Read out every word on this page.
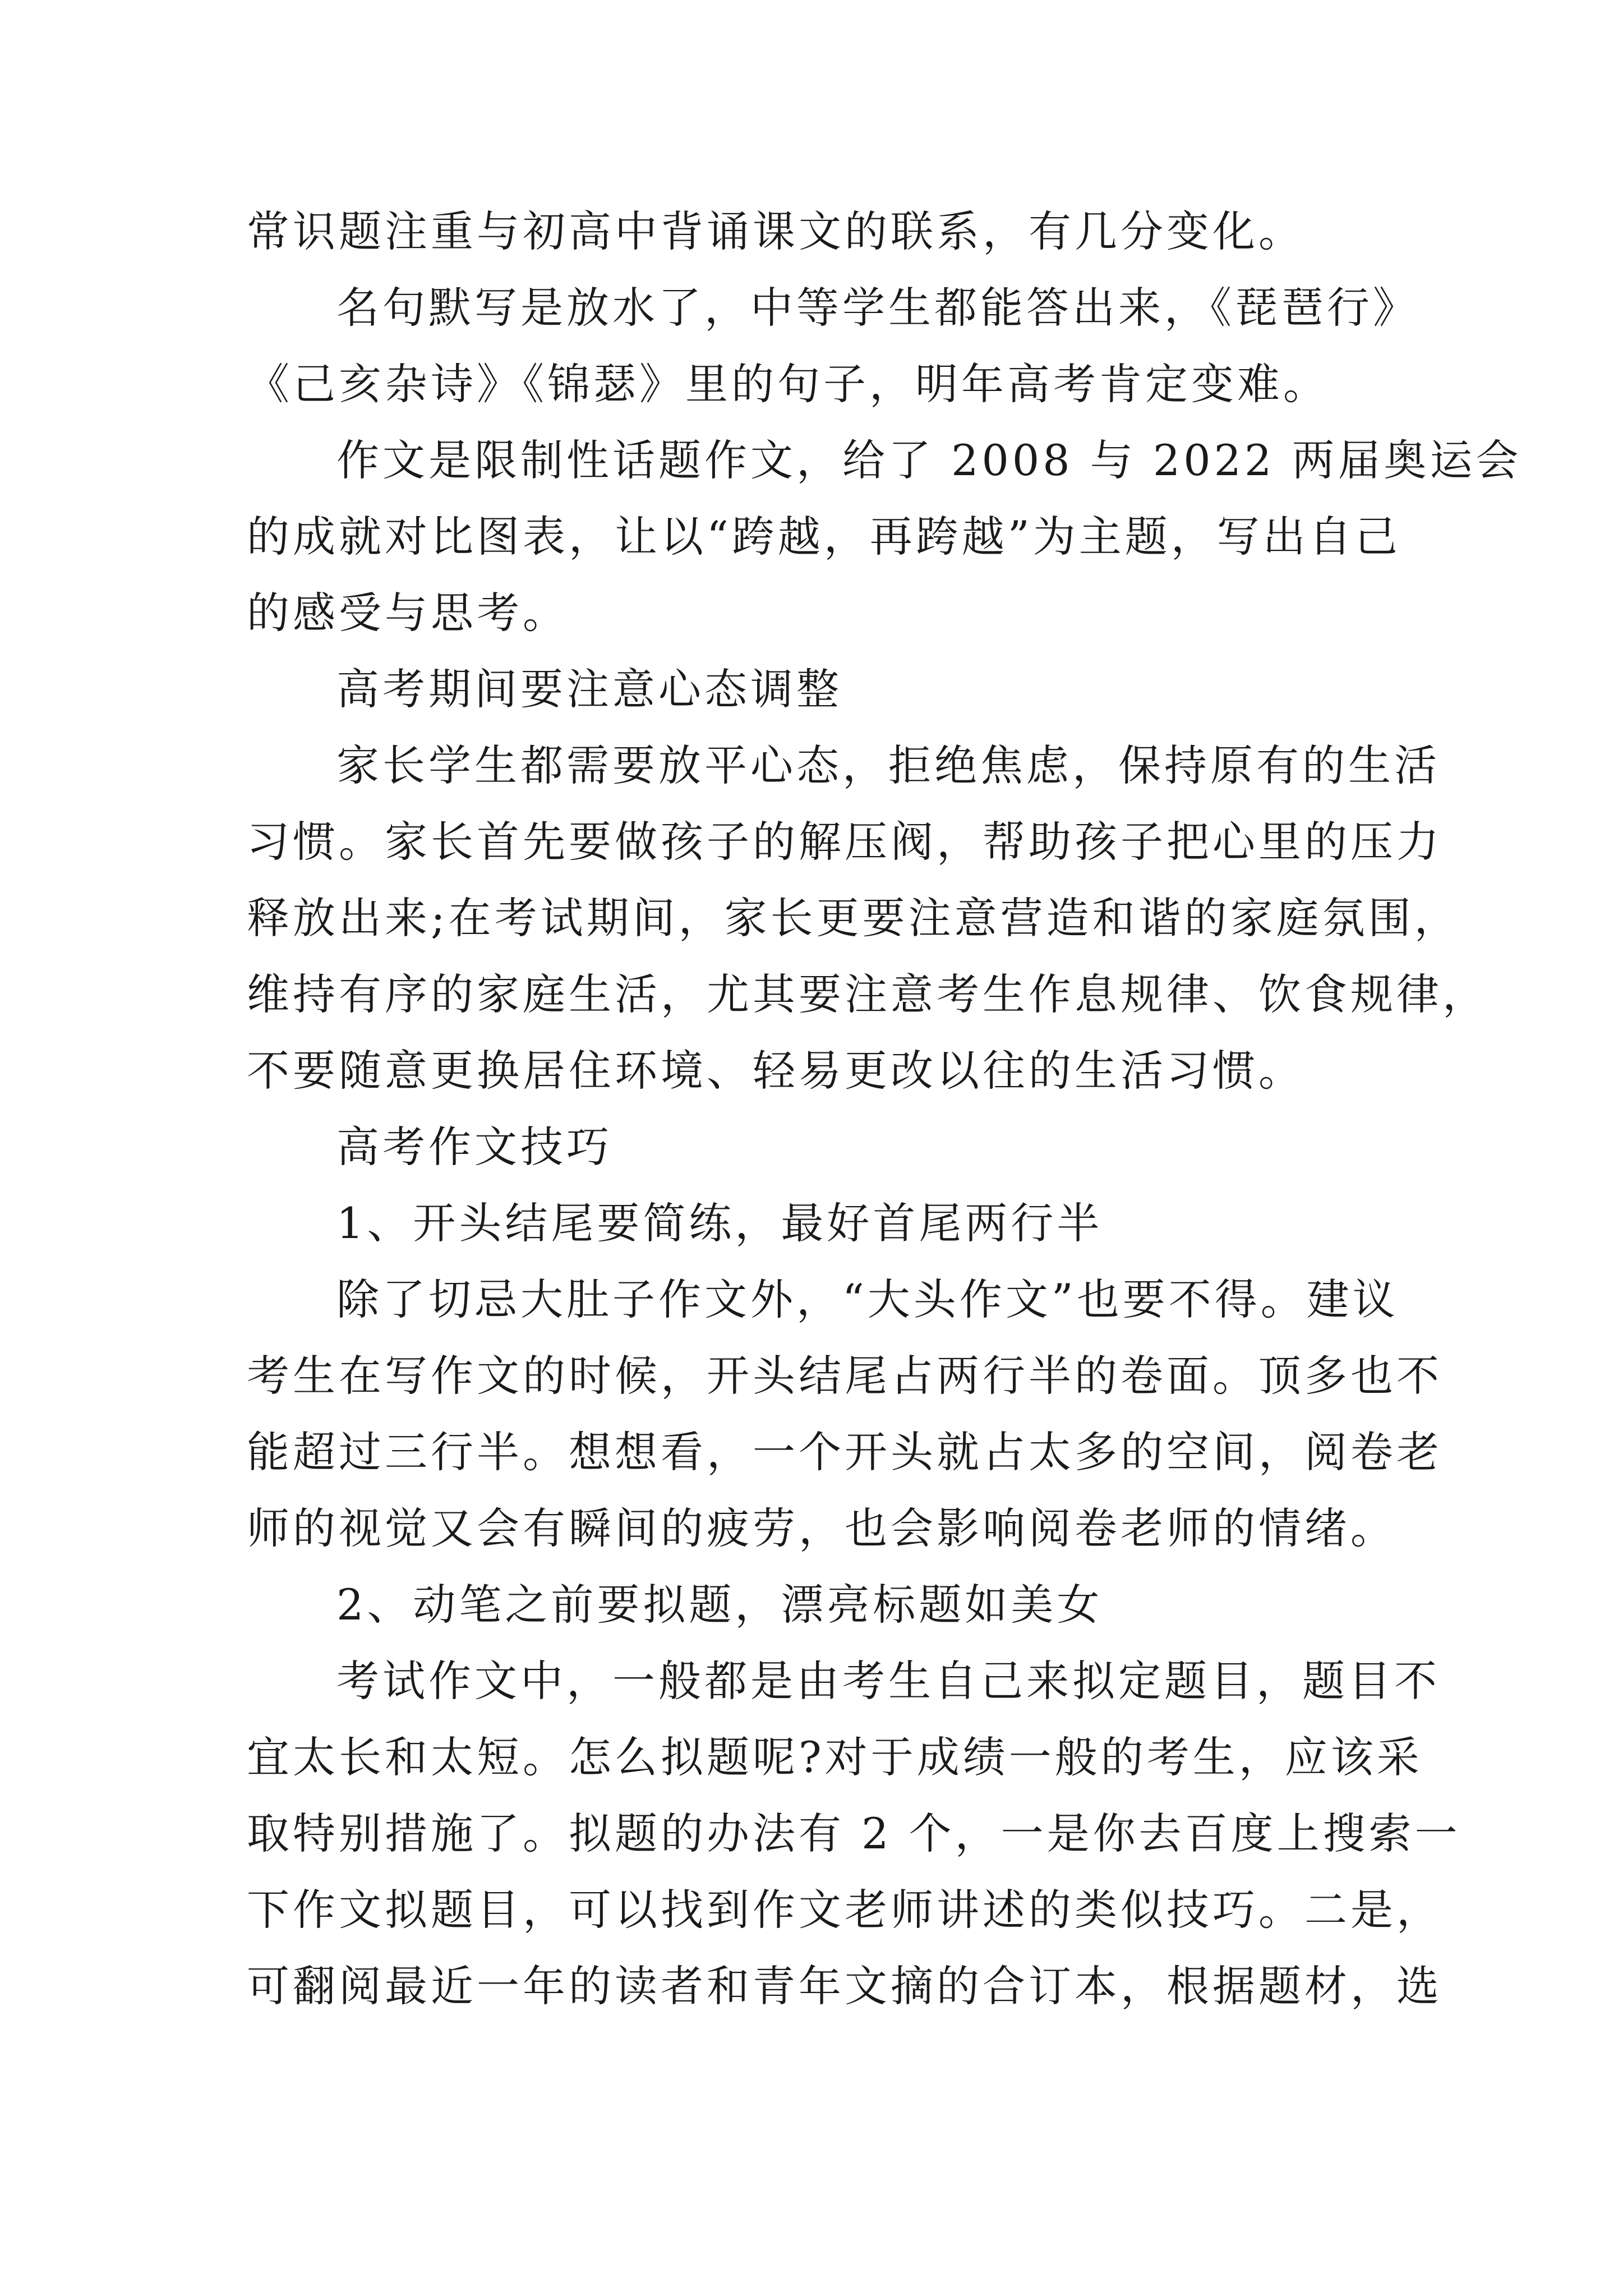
常识题注重与初高中背诵课文的联系，有几分变化。
名句默写是放水了，中等学生都能答出来，《琵琶行》
《己亥杂诗》《锦瑟》里的句子，明年高考肯定变难。
作文是限制性话题作文，给了 2008 与 2022 两届奥运会
的成就对比图表，让以“跨越，再跨越”为主题，写出自己
的感受与思考。
高考期间要注意心态调整
家长学生都需要放平心态，拒绝焦虑，保持原有的生活
习惯。家长首先要做孩子的解压阀，帮助孩子把心里的压力
释放出来;在考试期间，家长更要注意营造和谐的家庭氛围，
维持有序的家庭生活，尤其要注意考生作息规律、饮食规律，
不要随意更换居住环境、轻易更改以往的生活习惯。
高考作文技巧
1、开头结尾要简练，最好首尾两行半
除了切忌大肚子作文外，“大头作文”也要不得。建议
考生在写作文的时候，开头结尾占两行半的卷面。顶多也不
能超过三行半。想想看，一个开头就占太多的空间，阅卷老
师的视觉又会有瞬间的疲劳，也会影响阅卷老师的情绪。
2、动笔之前要拟题，漂亮标题如美女
考试作文中，一般都是由考生自己来拟定题目，题目不
宜太长和太短。怎么拟题呢?对于成绩一般的考生，应该采
取特别措施了。拟题的办法有 2 个，一是你去百度上搜索一
下作文拟题目，可以找到作文老师讲述的类似技巧。二是，
可翻阅最近一年的读者和青年文摘的合订本，根据题材，选
